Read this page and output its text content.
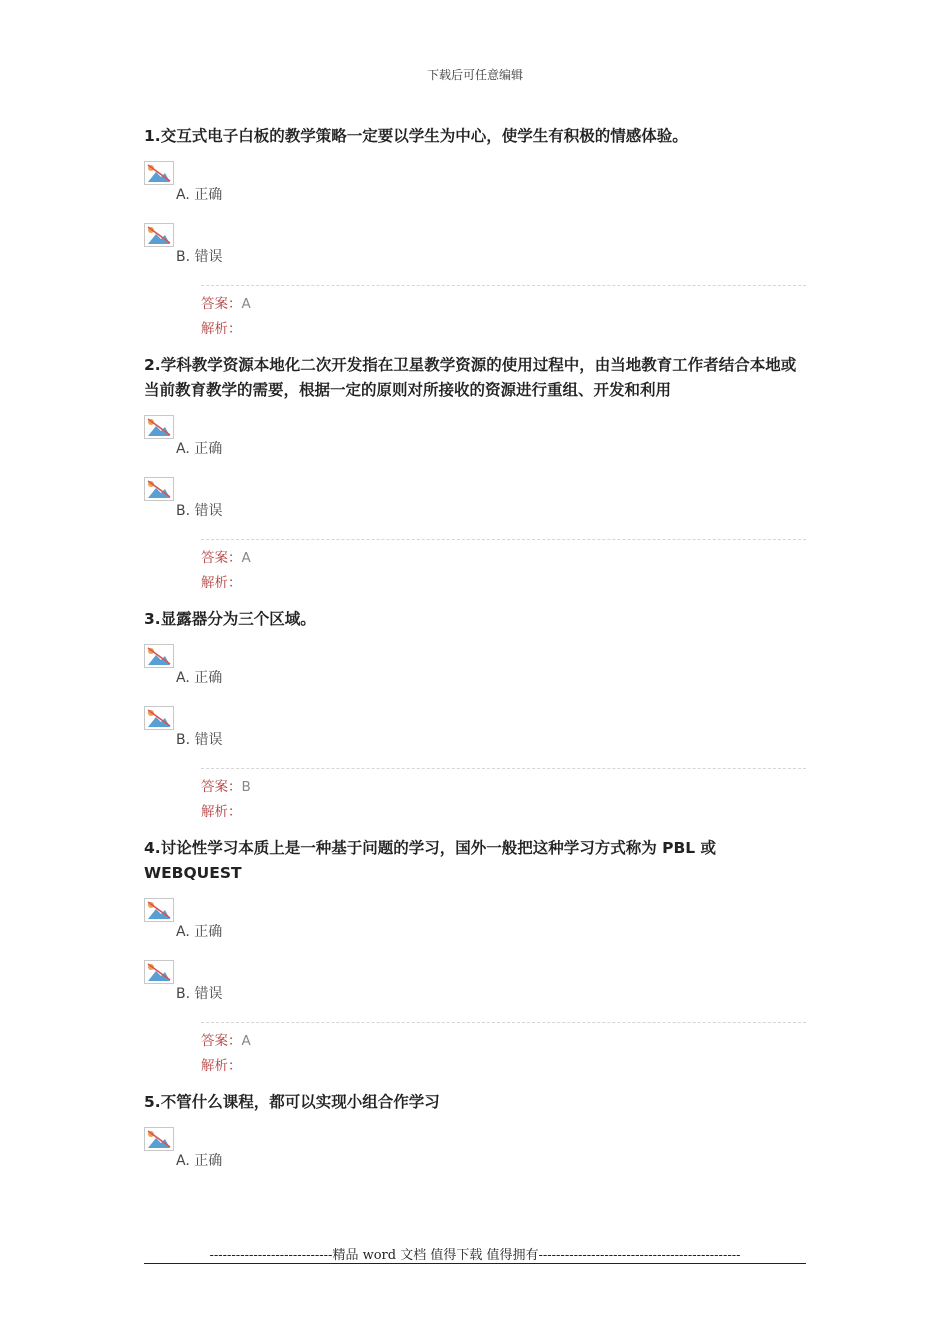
下载后可任意编辑
1.交互式电子白板的教学策略一定要以学生为中心，使学生有积极的情感体验。
A. 正确
B. 错误
答案：A
解析：
2.学科教学资源本地化二次开发指在卫星教学资源的使用过程中，由当地教育工作者结合本地或当前教育教学的需要，根据一定的原则对所接收的资源进行重组、开发和利用
A. 正确
B. 错误
答案：A
解析：
3.显露器分为三个区域。
A. 正确
B. 错误
答案：B
解析：
4.讨论性学习本质上是一种基于问题的学习，国外一般把这种学习方式称为 PBL 或 WEBQUEST
A. 正确
B. 错误
答案：A
解析：
5.不管什么课程，都可以实现小组合作学习
A. 正确
----------------------------精品 word 文档 值得下载 值得拥有----------------------------------------------
